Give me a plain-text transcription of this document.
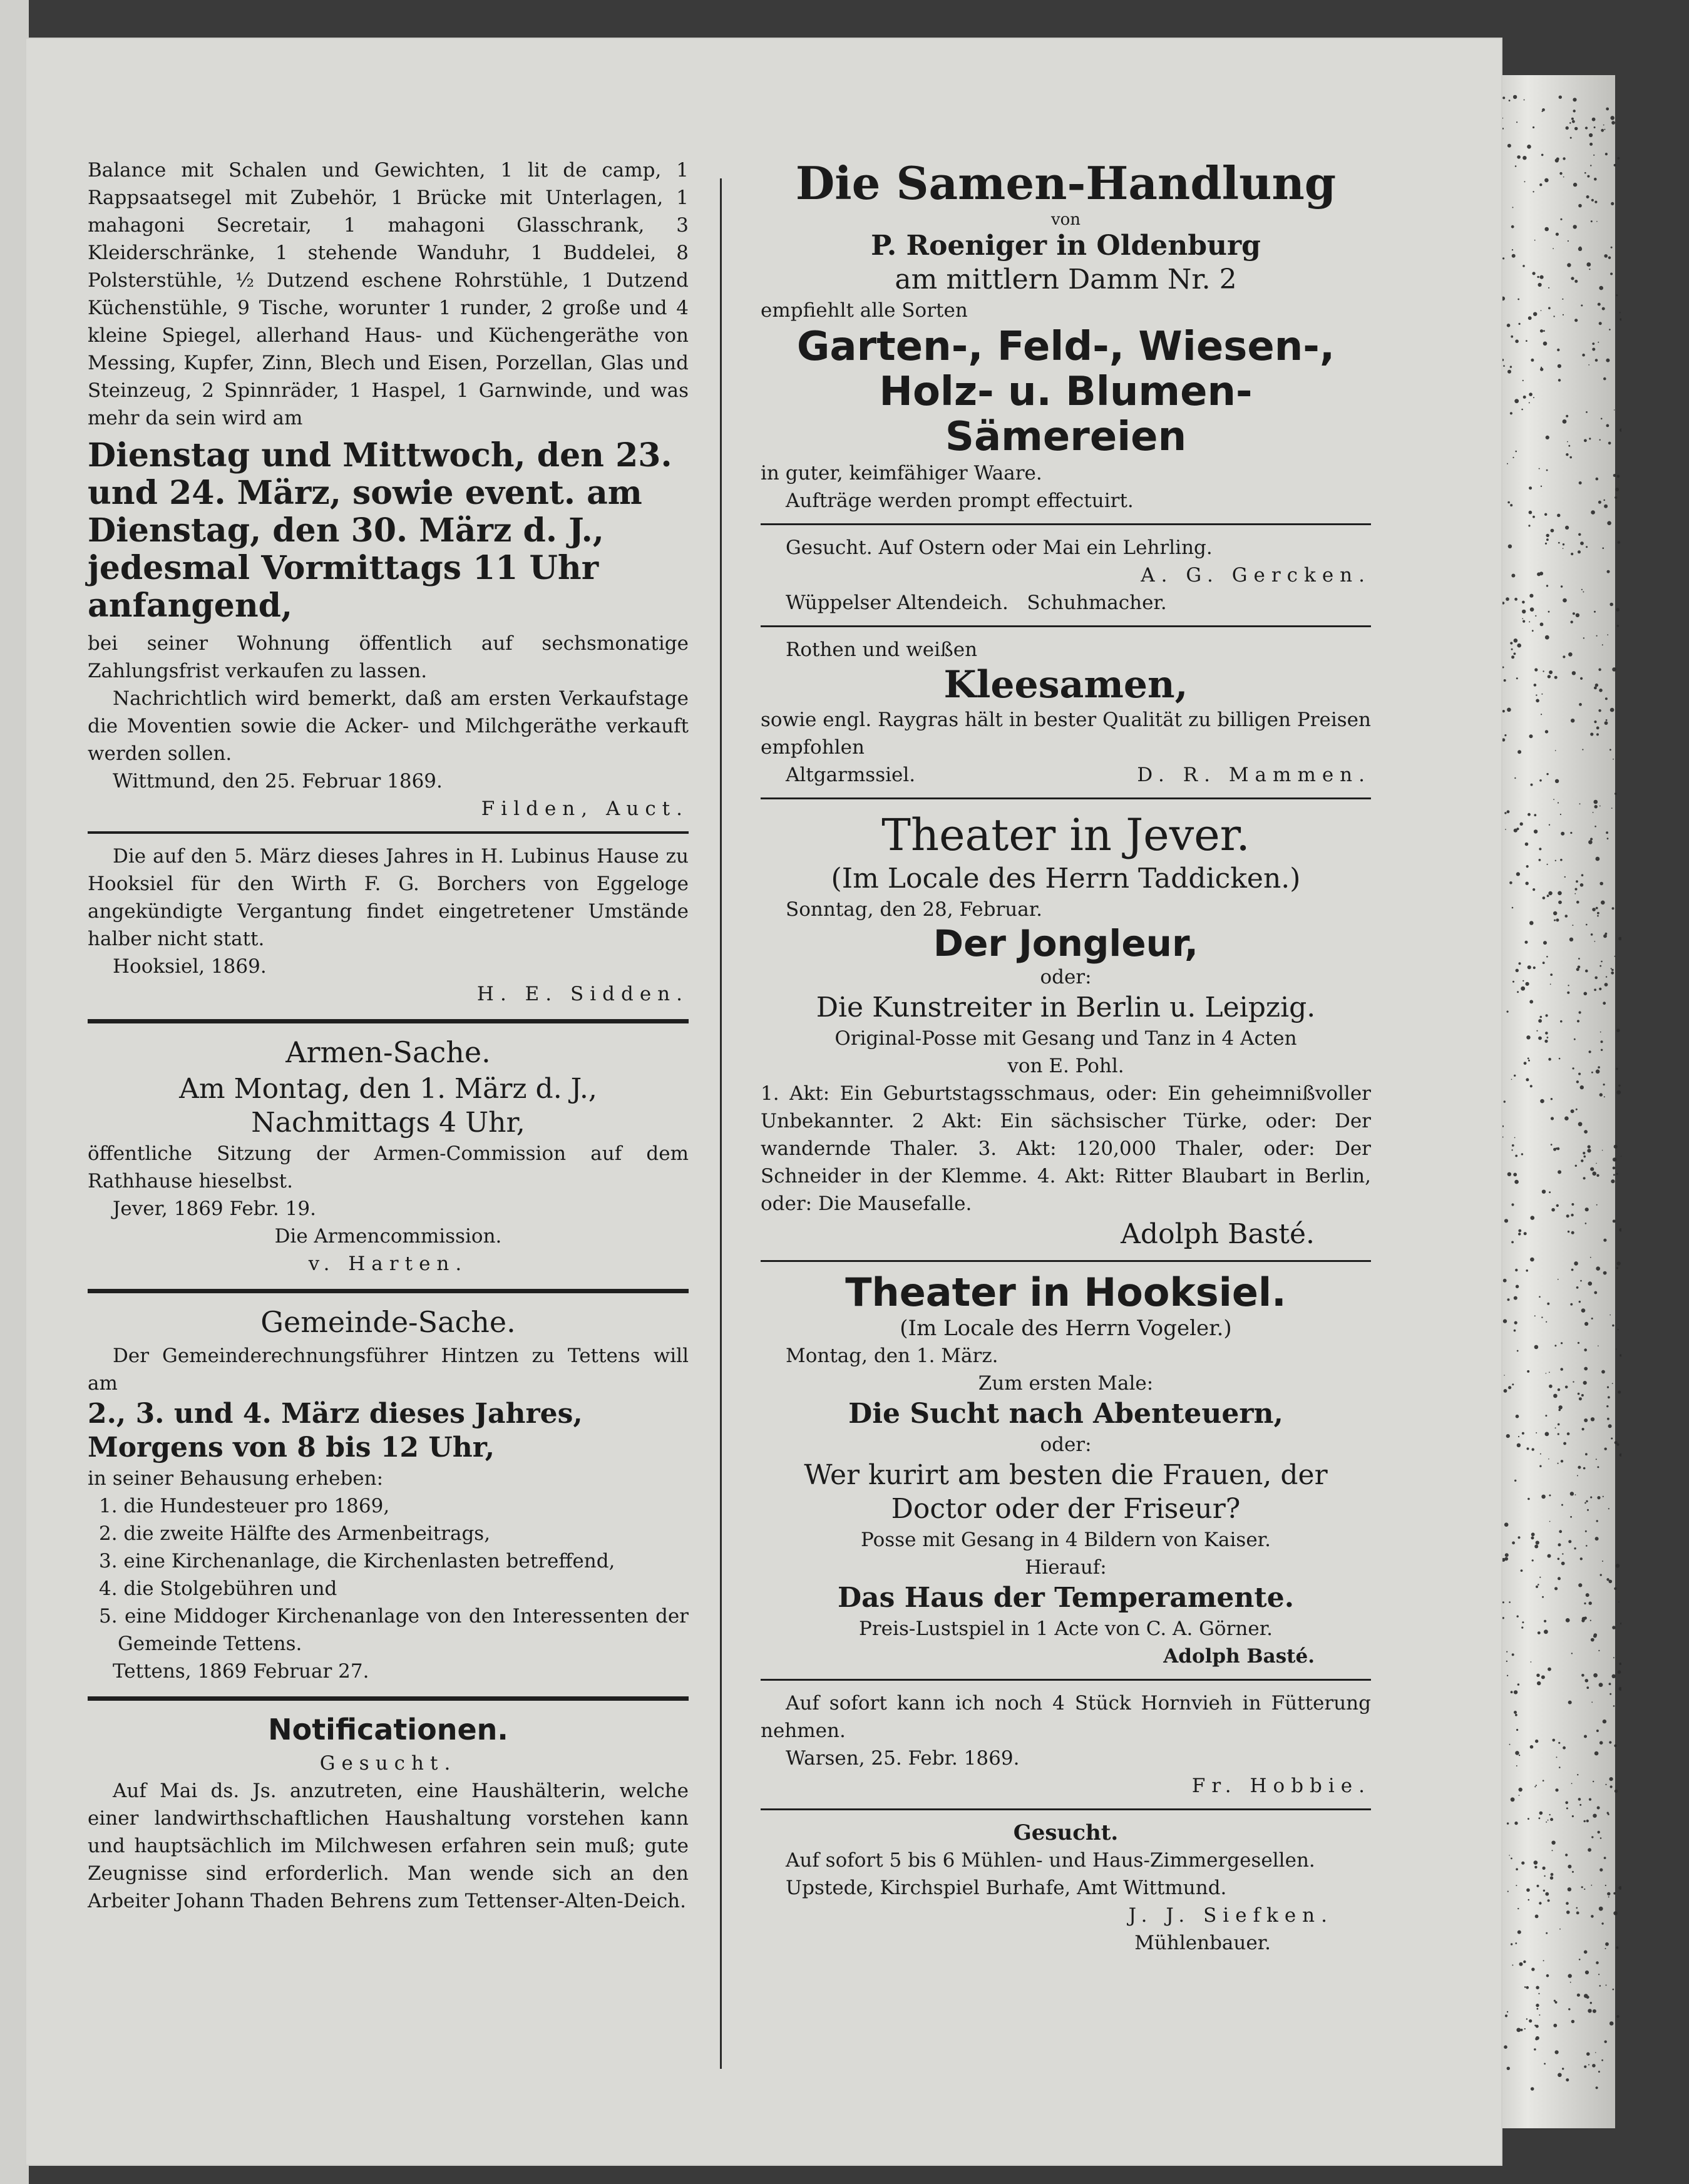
Balance mit Schalen und Gewichten, 1 lit de camp, 1 Rappsaatsegel mit Zubehör, 1 Brücke mit Unterlagen, 1 mahagoni Secretair, 1 mahagoni Glasschrank, 3 Kleiderschränke, 1 stehende Wanduhr, 1 Buddelei, 8 Polsterstühle, ½ Dutzend eschene Rohrstühle, 1 Dutzend Küchenstühle, 9 Tische, worunter 1 runder, 2 große und 4 kleine Spiegel, allerhand Haus- und Küchengeräthe von Messing, Kupfer, Zinn, Blech und Eisen, Porzellan, Glas und Steinzeug, 2 Spinnräder, 1 Haspel, 1 Garnwinde, und was mehr da sein wird am

Dienstag und Mittwoch, den 23. und 24. März, sowie event. am Dienstag, den 30. März d. J., jedesmal Vormittags 11 Uhr anfangend,

bei seiner Wohnung öffentlich auf sechsmonatige Zahlungsfrist verkaufen zu lassen.

Nachrichtlich wird bemerkt, daß am ersten Verkaufstage die Moventien sowie die Acker- und Milchgeräthe verkauft werden sollen.

Wittmund, den 25. Februar 1869.

Filden, Auct.

Die auf den 5. März dieses Jahres in H. Lubinus Hause zu Hooksiel für den Wirth F. G. Borchers von Eggeloge angekündigte Vergantung findet eingetretener Umstände halber nicht statt.

Hooksiel, 1869.

H. E. Sidden.

Armen-Sache.

Am Montag, den 1. März d. J.,

Nachmittags 4 Uhr,

öffentliche Sitzung der Armen-Commission auf dem Rathhause hieselbst.

Jever, 1869 Febr. 19.

Die Armencommission.

v. Harten.

Gemeinde-Sache.

Der Gemeinderechnungsführer Hintzen zu Tettens will am

2., 3. und 4. März dieses Jahres, Morgens von 8 bis 12 Uhr,

in seiner Behausung erheben:

1. die Hundesteuer pro 1869,
2. die zweite Hälfte des Armenbeitrags,
3. eine Kirchenanlage, die Kirchenlasten betreffend,
4. die Stolgebühren und
5. eine Middoger Kirchenanlage von den Interessenten der Gemeinde Tettens.

Tettens, 1869 Februar 27.

Notificationen.

Gesucht.

Auf Mai ds. Js. anzutreten, eine Haushälterin, welche einer landwirthschaftlichen Haushaltung vorstehen kann und hauptsächlich im Milchwesen erfahren sein muß; gute Zeugnisse sind erforderlich. Man wende sich an den Arbeiter Johann Thaden Behrens zum Tettenser-Alten-Deich.

Die Samen-Handlung

von

P. Roeniger in Oldenburg

am mittlern Damm Nr. 2

empfiehlt alle Sorten

Garten-, Feld-, Wiesen-, Holz- u. Blumen-Sämereien

in guter, keimfähiger Waare.

Aufträge werden prompt effectuirt.

Gesucht. Auf Ostern oder Mai ein Lehrling.

A. G. Gercken.

Wüppelser Altendeich. Schuhmacher.

Rothen und weißen

Kleesamen,

sowie engl. Raygras hält in bester Qualität zu billigen Preisen empfohlen

Altgarmssiel.	D. R. Mammen.

Theater in Jever.

(Im Locale des Herrn Taddicken.)

Sonntag, den 28, Februar.

Der Jongleur,

oder:

Die Kunstreiter in Berlin u. Leipzig.

Original-Posse mit Gesang und Tanz in 4 Acten

von E. Pohl.

1. Akt: Ein Geburtstagsschmaus, oder: Ein geheimnißvoller Unbekannter. 2 Akt: Ein sächsischer Türke, oder: Der wandernde Thaler. 3. Akt: 120,000 Thaler, oder: Der Schneider in der Klemme. 4. Akt: Ritter Blaubart in Berlin, oder: Die Mausefalle.

Adolph Basté.

Theater in Hooksiel.

(Im Locale des Herrn Vogeler.)

Montag, den 1. März.

Zum ersten Male:

Die Sucht nach Abenteuern,

oder:

Wer kurirt am besten die Frauen, der Doctor oder der Friseur?

Posse mit Gesang in 4 Bildern von Kaiser.

Hierauf:

Das Haus der Temperamente.

Preis-Lustspiel in 1 Acte von C. A. Görner.

Adolph Basté.

Auf sofort kann ich noch 4 Stück Hornvieh in Fütterung nehmen.

Warsen, 25. Febr. 1869.

Fr. Hobbie.

Gesucht.

Auf sofort 5 bis 6 Mühlen- und Haus-Zimmergesellen.

Upstede, Kirchspiel Burhafe, Amt Wittmund.

J. J. Siefken.

Mühlenbauer.
